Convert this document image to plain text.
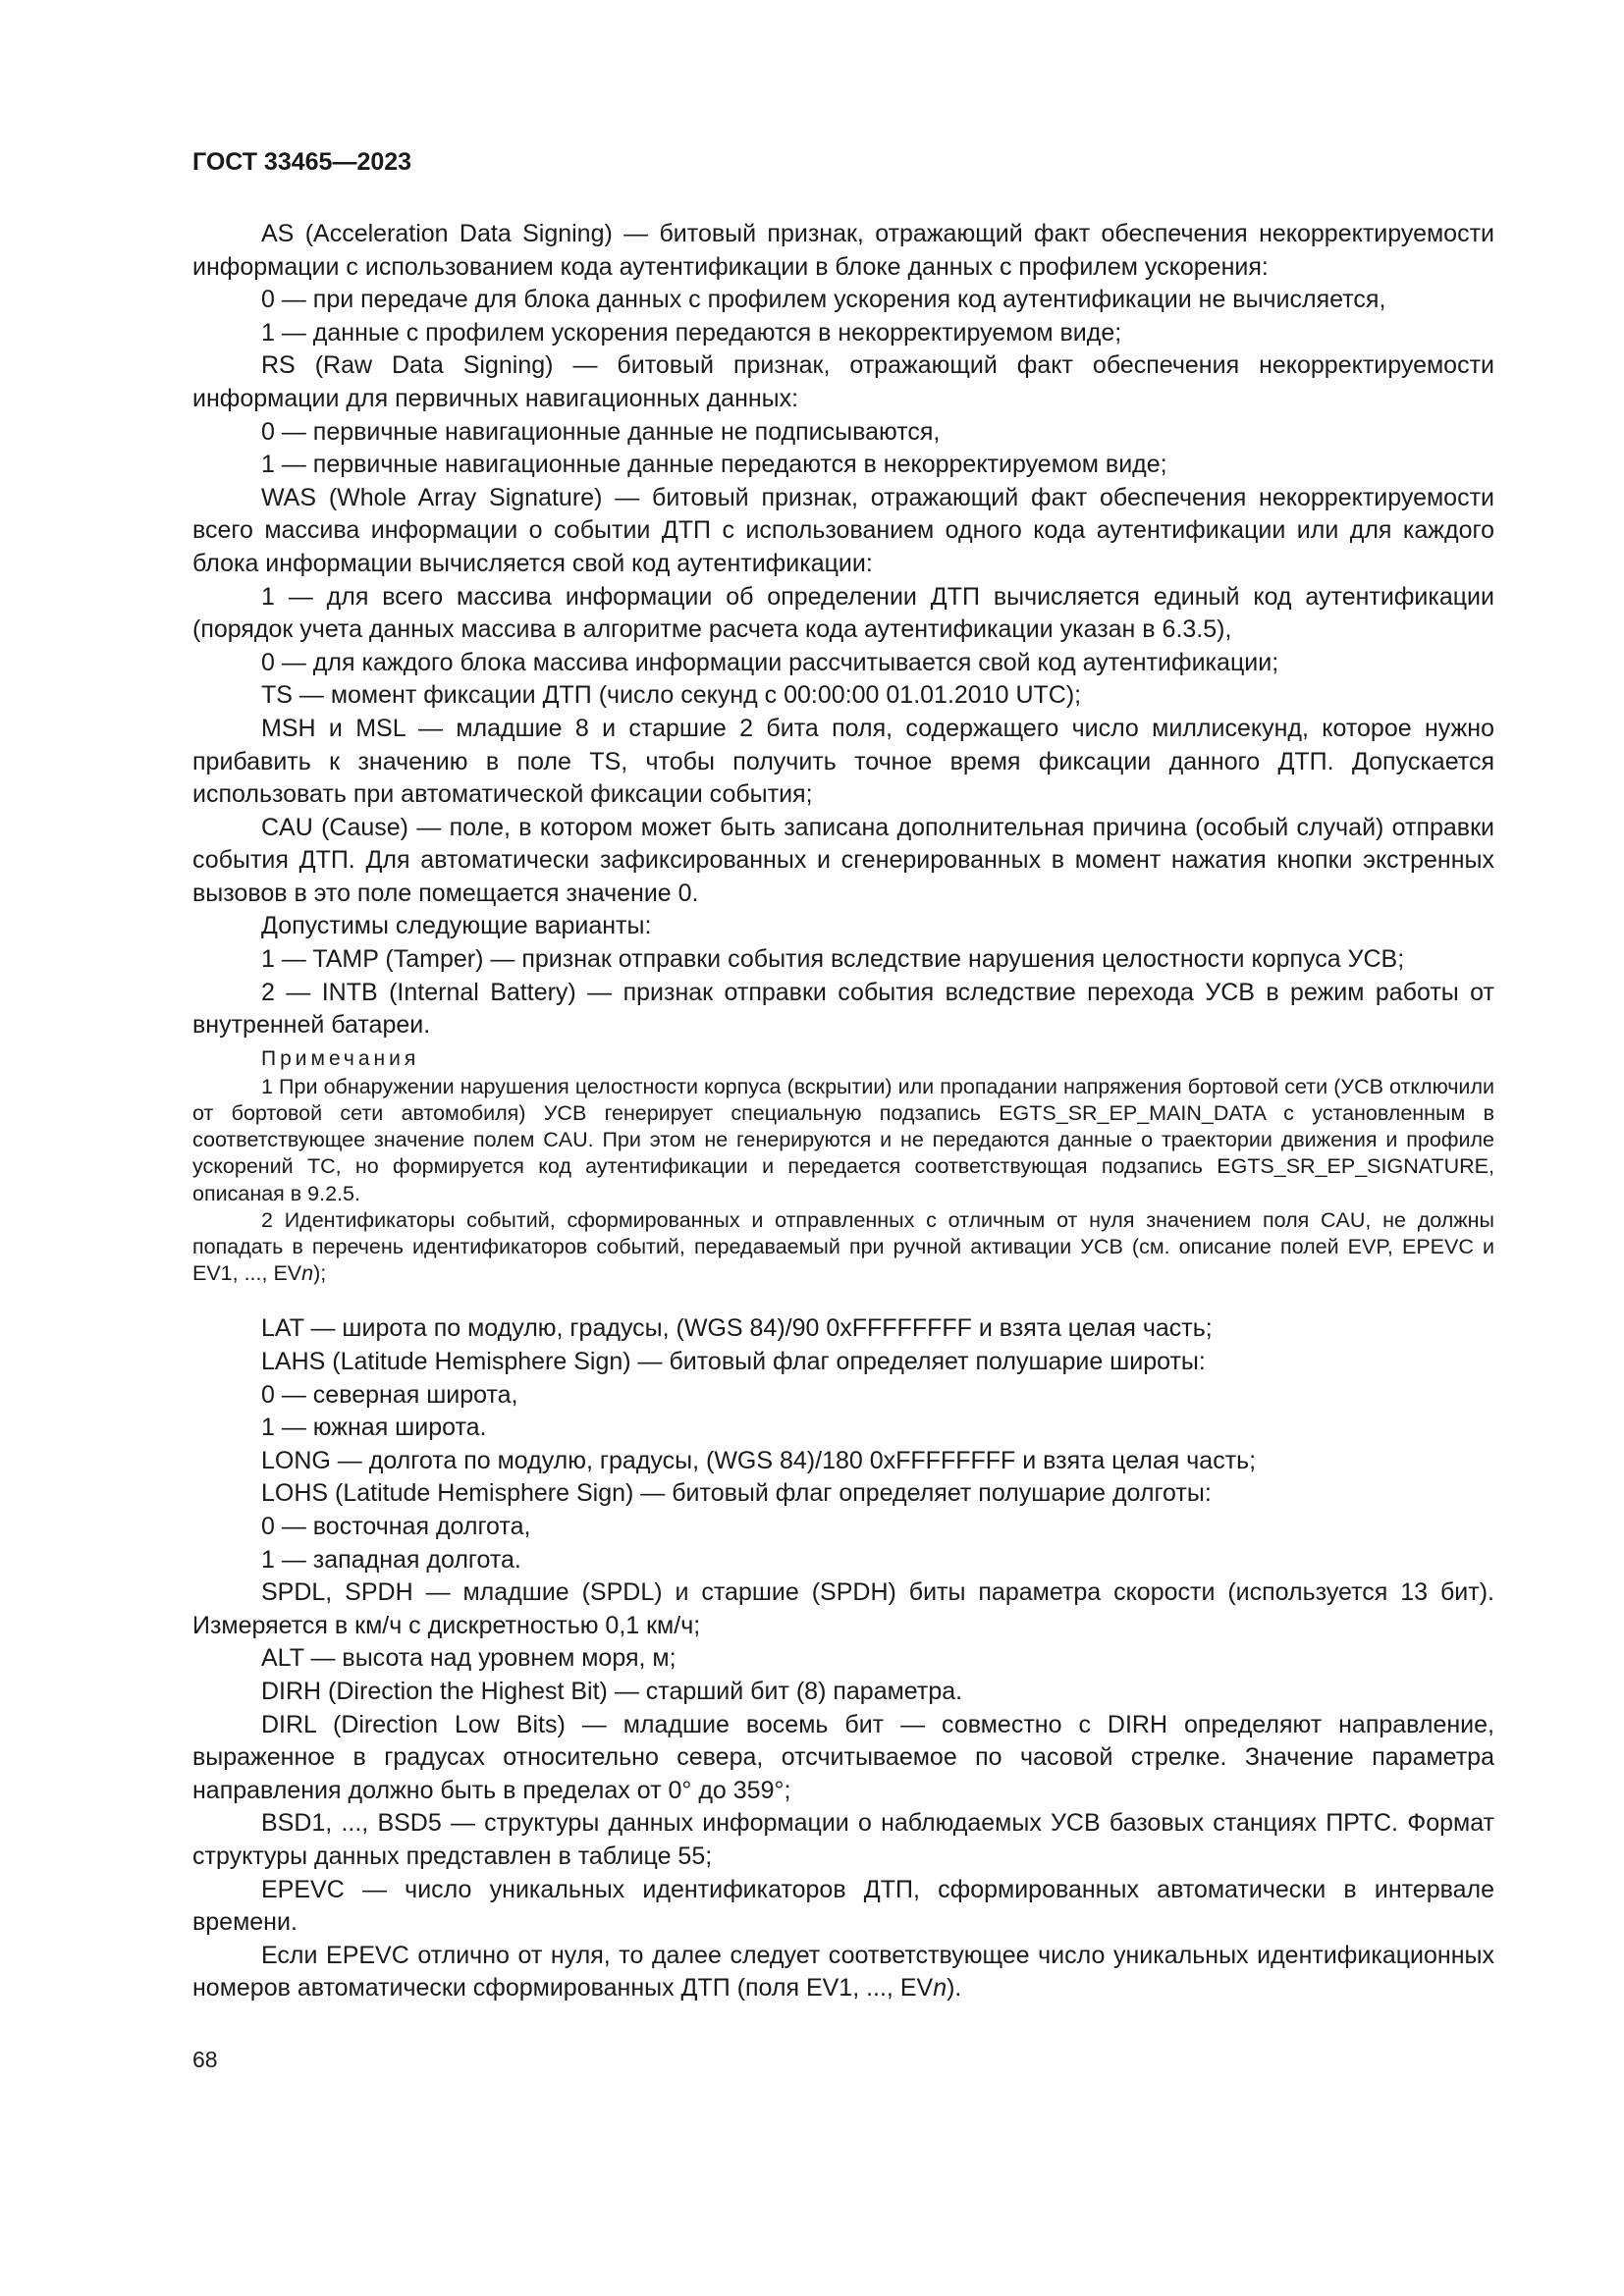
ГОСТ 33465—2023

AS (Acceleration Data Signing) — битовый признак, отражающий факт обеспечения некорректируемости информации с использованием кода аутентификации в блоке данных с профилем ускорения:

0 — при передаче для блока данных с профилем ускорения код аутентификации не вычисляется,

1 — данные с профилем ускорения передаются в некорректируемом виде;

RS (Raw Data Signing) — битовый признак, отражающий факт обеспечения некорректируемости информации для первичных навигационных данных:

0 — первичные навигационные данные не подписываются,

1 — первичные навигационные данные передаются в некорректируемом виде;

WAS (Whole Array Signature) — битовый признак, отражающий факт обеспечения некорректируемости всего массива информации о событии ДТП с использованием одного кода аутентификации или для каждого блока информации вычисляется свой код аутентификации:

1 — для всего массива информации об определении ДТП вычисляется единый код аутентификации (порядок учета данных массива в алгоритме расчета кода аутентификации указан в 6.3.5),

0 — для каждого блока массива информации рассчитывается свой код аутентификации;

TS — момент фиксации ДТП (число секунд с 00:00:00 01.01.2010 UTC);

MSH и MSL — младшие 8 и старшие 2 бита поля, содержащего число миллисекунд, которое нужно прибавить к значению в поле TS, чтобы получить точное время фиксации данного ДТП. Допускается использовать при автоматической фиксации события;

CAU (Cause) — поле, в котором может быть записана дополнительная причина (особый случай) отправки события ДТП. Для автоматически зафиксированных и сгенерированных в момент нажатия кнопки экстренных вызовов в это поле помещается значение 0.

Допустимы следующие варианты:

1 — TAMP (Tamper) — признак отправки события вследствие нарушения целостности корпуса УСВ;

2 — INTB (Internal Battery) — признак отправки события вследствие перехода УСВ в режим работы от внутренней батареи.

Примечания

1 При обнаружении нарушения целостности корпуса (вскрытии) или пропадании напряжения бортовой сети (УСВ отключили от бортовой сети автомобиля) УСВ генерирует специальную подзапись EGTS_SR_EP_MAIN_DATA с установленным в соответствующее значение полем CAU. При этом не генерируются и не передаются данные о траектории движения и профиле ускорений ТС, но формируется код аутентификации и передается соответствующая подзапись EGTS_SR_EP_SIGNATURE, описаная в 9.2.5.

2 Идентификаторы событий, сформированных и отправленных с отличным от нуля значением поля CAU, не должны попадать в перечень идентификаторов событий, передаваемый при ручной активации УСВ (см. описание полей EVP, EPEVC и EV1, ..., EVn);

LAT — широта по модулю, градусы, (WGS 84)/90 0xFFFFFFFF и взята целая часть;

LAHS (Latitude Hemisphere Sign) — битовый флаг определяет полушарие широты:

0 — северная широта,

1 — южная широта.

LONG — долгота по модулю, градусы, (WGS 84)/180 0xFFFFFFFF и взята целая часть;

LOHS (Latitude Hemisphere Sign) — битовый флаг определяет полушарие долготы:

0 — восточная долгота,

1 — западная долгота.

SPDL, SPDH — младшие (SPDL) и старшие (SPDH) биты параметра скорости (используется 13 бит). Измеряется в км/ч с дискретностью 0,1 км/ч;

ALT — высота над уровнем моря, м;

DIRH (Direction the Highest Bit) — старший бит (8) параметра.

DIRL (Direction Low Bits) — младшие восемь бит — совместно с DIRH определяют направление, выраженное в градусах относительно севера, отсчитываемое по часовой стрелке. Значение параметра направления должно быть в пределах от 0° до 359°;

BSD1, ..., BSD5 — структуры данных информации о наблюдаемых УСВ базовых станциях ПРТС. Формат структуры данных представлен в таблице 55;

EPEVC — число уникальных идентификаторов ДТП, сформированных автоматически в интервале времени.

Если EPEVC отлично от нуля, то далее следует соответствующее число уникальных идентификационных номеров автоматически сформированных ДТП (поля EV1, ..., EVn).

68
